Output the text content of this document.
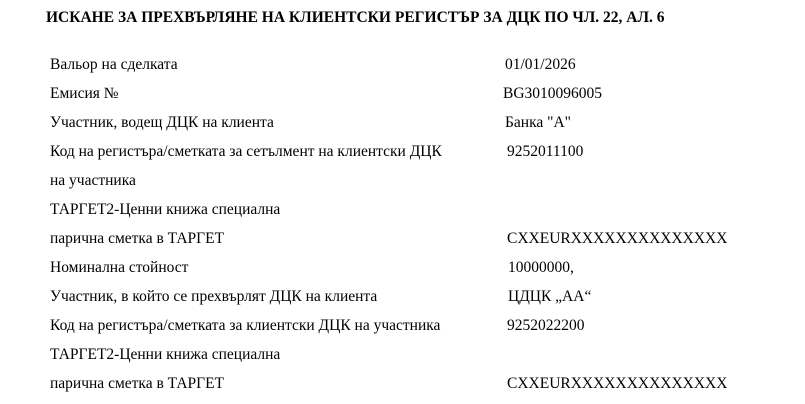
ИСКАНЕ ЗА ПРЕХВЪРЛЯНЕ НА КЛИЕНТСКИ РЕГИСТЪР ЗА ДЦК ПО ЧЛ. 22, АЛ. 6
Вальор на сделката	01/01/2026
Емисия №	BG3010096005
Участник, водещ ДЦК на клиента	Банка "А"
Код на регистъра/сметката за сетълмент на клиентски ДЦК	9252011100
на участника
ТАРГЕТ2-Ценни книжа специална
парична сметка в ТАРГЕТ	CXXEURXXXXXXXXXXXXXX
Номинална стойност	10000000,
Участник, в който се прехвърлят ДЦК на клиента	ЦДЦК „АА“
Код на регистъра/сметката за клиентски ДЦК на участника	9252022200
ТАРГЕТ2-Ценни книжа специална
парична сметка в ТАРГЕТ	CXXEURXXXXXXXXXXXXXX
